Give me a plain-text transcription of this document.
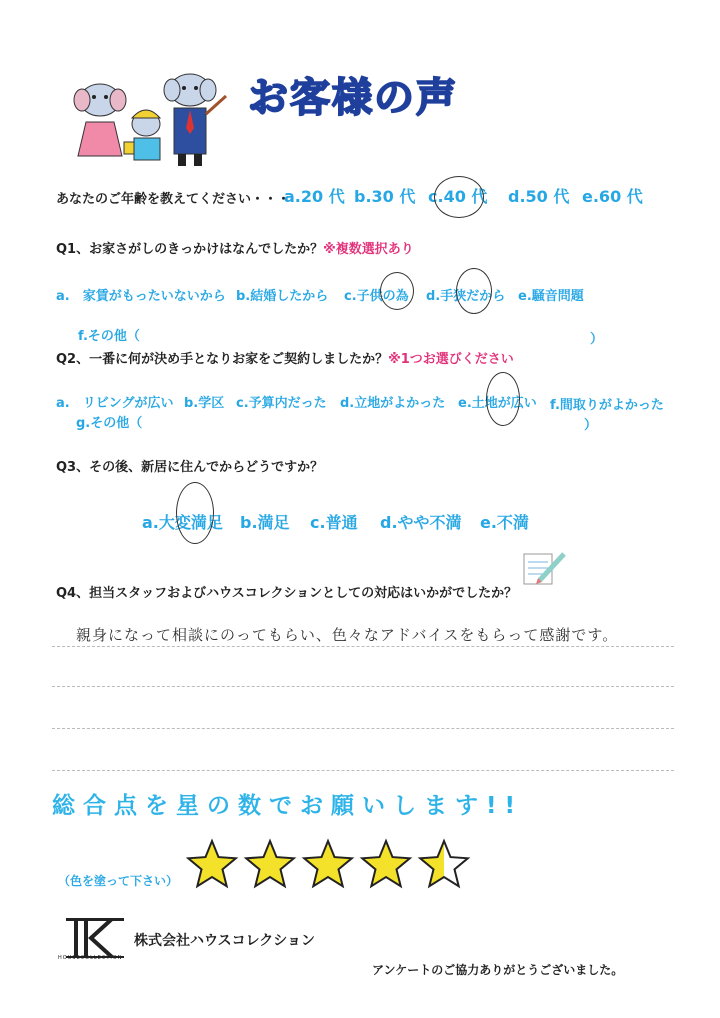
お客様の声
あなたのご年齢を教えてください・・・
a.20 代 b.30 代 c.40 代 d.50 代 e.60 代
Q1、お家さがしのきっかけはなんでしたか？※複数選択あり
a.　家賃がもったいないから b.結婚したから c.子供の為 d.手狭だから e.騒音問題
f.その他（	）
Q2、一番に何が決め手となりお家をご契約しましたか？※1つお選びください
a.　リビングが広い b.学区 c.予算内だった d.立地がよかった e.土地が広い f.間取りがよかった
g.その他（	）
Q3、その後、新居に住んでからどうですか？
a.大変満足 b.満足 c.普通 d.やや不満 e.不満
Q4、担当スタッフおよびハウスコレクションとしての対応はいかがでしたか？
親身になって相談にのってもらい、色々なアドバイスをもらって感謝です。
総合点を星の数でお願いします!!
（色を塗って下さい）
HOUSECOLLECTION
株式会社ハウスコレクション
アンケートのご協力ありがとうございました。
